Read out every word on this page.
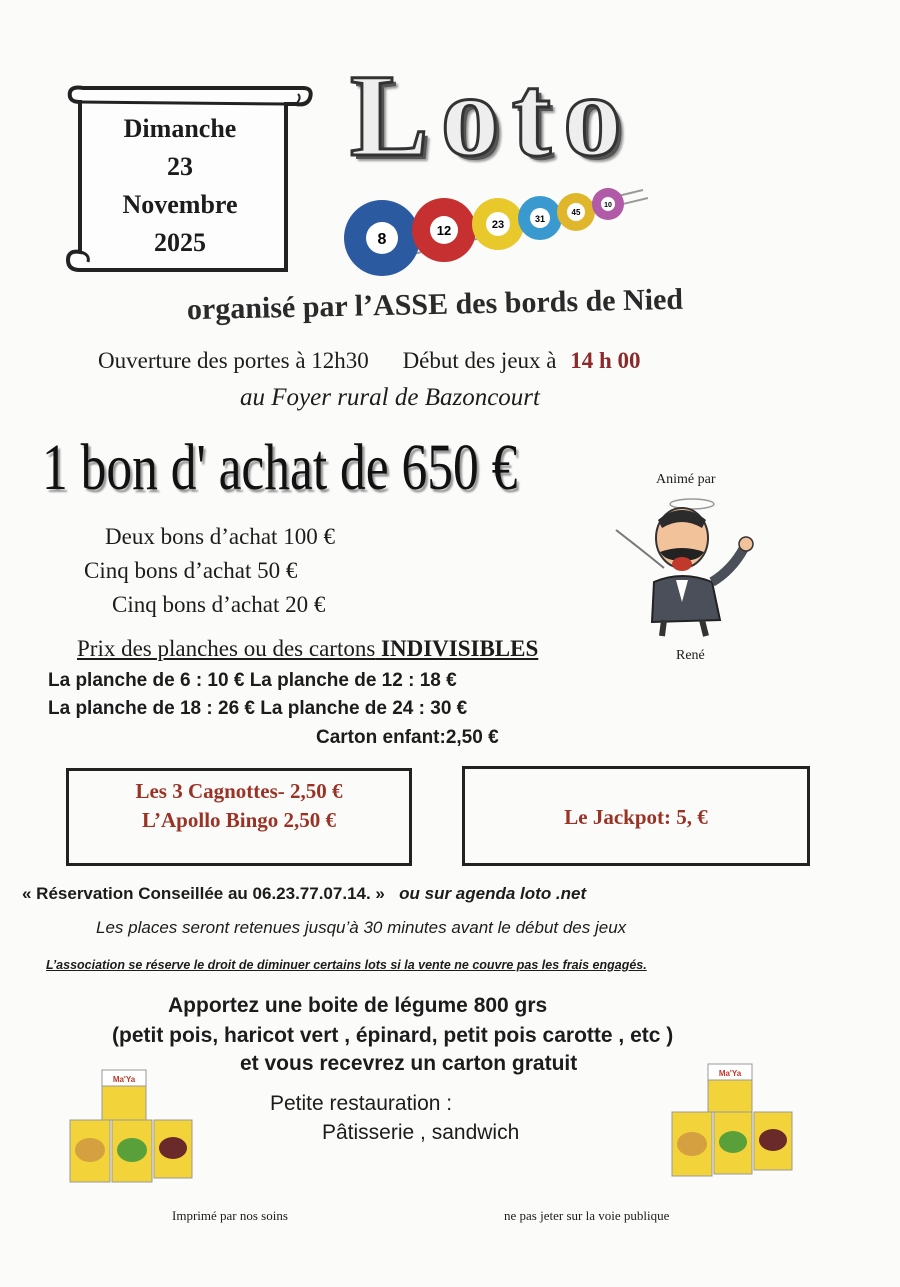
Dimanche
23
Novembre
2025
Loto
8
12	23	31
45
10
organisé par l’ASSE des bords de Nied
Ouverture des portes à 12h30 Début des jeux à 14 h 00
au Foyer rural de Bazoncourt
1 bon d' achat de 650 €
Deux bons d’achat 100 €
Cinq bons d’achat 50 €
Cinq bons d’achat 20 €
Animé par
René
Prix des planches ou des cartons INDIVISIBLES
La planche de 6 : 10 € La planche de 12 : 18 €
La planche de 18 : 26 € La planche de 24 : 30 €
Carton enfant:2,50 €
Les 3 Cagnottes- 2,50 €
L’Apollo Bingo 2,50 €	Le Jackpot: 5, €
« Réservation Conseillée au 06.23.77.07.14. » ou sur agenda loto .net
Les places seront retenues jusqu’à 30 minutes avant le début des jeux
L’association se réserve le droit de diminuer certains lots si la vente ne couvre pas les frais engagés.
Apportez une boite de légume 800 grs
(petit pois, haricot vert , épinard, petit pois carotte , etc )
et vous recevrez un carton gratuit
Petite restauration :
Pâtisserie , sandwich
Ma'Ya
Ma'Ya
Imprimé par nos soins	ne pas jeter sur la voie publique
